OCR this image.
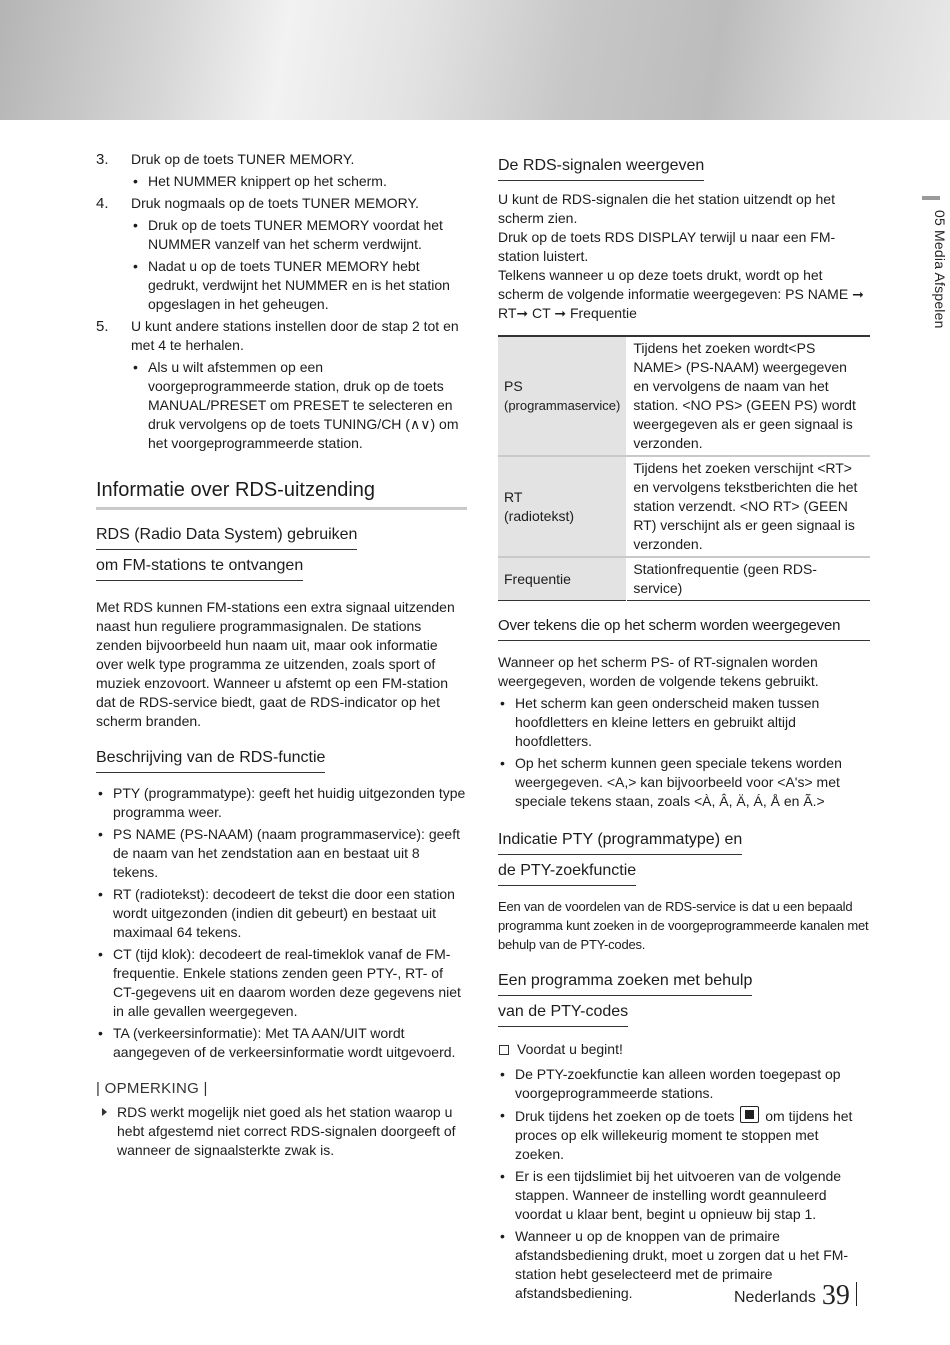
05 Media Afspelen
3. Druk op de toets TUNER MEMORY.
• Het NUMMER knippert op het scherm.
4. Druk nogmaals op de toets TUNER MEMORY.
• Druk op de toets TUNER MEMORY voordat het NUMMER vanzelf van het scherm verdwijnt.
• Nadat u op de toets TUNER MEMORY hebt gedrukt, verdwijnt het NUMMER en is het station opgeslagen in het geheugen.
5. U kunt andere stations instellen door de stap 2 tot en met 4 te herhalen.
• Als u wilt afstemmen op een voorgeprogrammeerde station, druk op de toets MANUAL/PRESET om PRESET te selecteren en druk vervolgens op de toets TUNING/CH (∧∨) om het voorgeprogrammeerde station.
Informatie over RDS-uitzending
RDS (Radio Data System) gebruiken
om FM-stations te ontvangen
Met RDS kunnen FM-stations een extra signaal uitzenden naast hun reguliere programmasignalen. De stations zenden bijvoorbeeld hun naam uit, maar ook informatie over welk type programma ze uitzenden, zoals sport of muziek enzovoort. Wanneer u afstemt op een FM-station dat de RDS-service biedt, gaat de RDS-indicator op het scherm branden.
Beschrijving van de RDS-functie
• PTY (programmatype): geeft het huidig uitgezonden type programma weer.
• PS NAME (PS-NAAM) (naam programmaservice): geeft de naam van het zendstation aan en bestaat uit 8 tekens.
• RT (radiotekst): decodeert de tekst die door een station wordt uitgezonden (indien dit gebeurt) en bestaat uit maximaal 64 tekens.
• CT (tijd klok): decodeert de real-timeklok vanaf de FM-frequentie. Enkele stations zenden geen PTY-, RT- of CT-gegevens uit en daarom worden deze gegevens niet in alle gevallen weergegeven.
• TA (verkeersinformatie): Met TA AAN/UIT wordt aangegeven of de verkeersinformatie wordt uitgevoerd.
| OPMERKING |
RDS werkt mogelijk niet goed als het station waarop u hebt afgestemd niet correct RDS-signalen doorgeeft of wanneer de signaalsterkte zwak is.
De RDS-signalen weergeven
U kunt de RDS-signalen die het station uitzendt op het scherm zien.
Druk op de toets RDS DISPLAY terwijl u naar een FM-station luistert.
Telkens wanneer u op deze toets drukt, wordt op het scherm de volgende informatie weergegeven: PS NAME ➞ RT➞ CT ➞ Frequentie
PS
(programmaservice)	Tijdens het zoeken wordt<PS NAME> (PS-NAAM) weergegeven en vervolgens de naam van het station. <NO PS> (GEEN PS) wordt weergegeven als er geen signaal is verzonden.
RT
(radiotekst)	Tijdens het zoeken verschijnt <RT> en vervolgens tekstberichten die het station verzendt. <NO RT> (GEEN RT) verschijnt als er geen signaal is verzonden.
Frequentie	Stationfrequentie (geen RDS-service)
Over tekens die op het scherm worden weergegeven
Wanneer op het scherm PS- of RT-signalen worden weergegeven, worden de volgende tekens gebruikt.
• Het scherm kan geen onderscheid maken tussen hoofdletters en kleine letters en gebruikt altijd hoofdletters.
• Op het scherm kunnen geen speciale tekens worden weergegeven. <A,> kan bijvoorbeeld voor <A's> met speciale tekens staan, zoals <À, Â, Ä, Á, Å en Ã.>
Indicatie PTY (programmatype) en
de PTY-zoekfunctie
Een van de voordelen van de RDS-service is dat u een bepaald programma kunt zoeken in de voorgeprogrammeerde kanalen met behulp van de PTY-codes.
Een programma zoeken met behulp
van de PTY-codes
Voordat u begint!
• De PTY-zoekfunctie kan alleen worden toegepast op voorgeprogrammeerde stations.
• Druk tijdens het zoeken op de toets  om tijdens het proces op elk willekeurig moment te stoppen met zoeken.
• Er is een tijdslimiet bij het uitvoeren van de volgende stappen. Wanneer de instelling wordt geannuleerd voordat u klaar bent, begint u opnieuw bij stap 1.
• Wanneer u op de knoppen van de primaire afstandsbediening drukt, moet u zorgen dat u het FM-station hebt geselecteerd met de primaire afstandsbediening.	Nederlands 39
